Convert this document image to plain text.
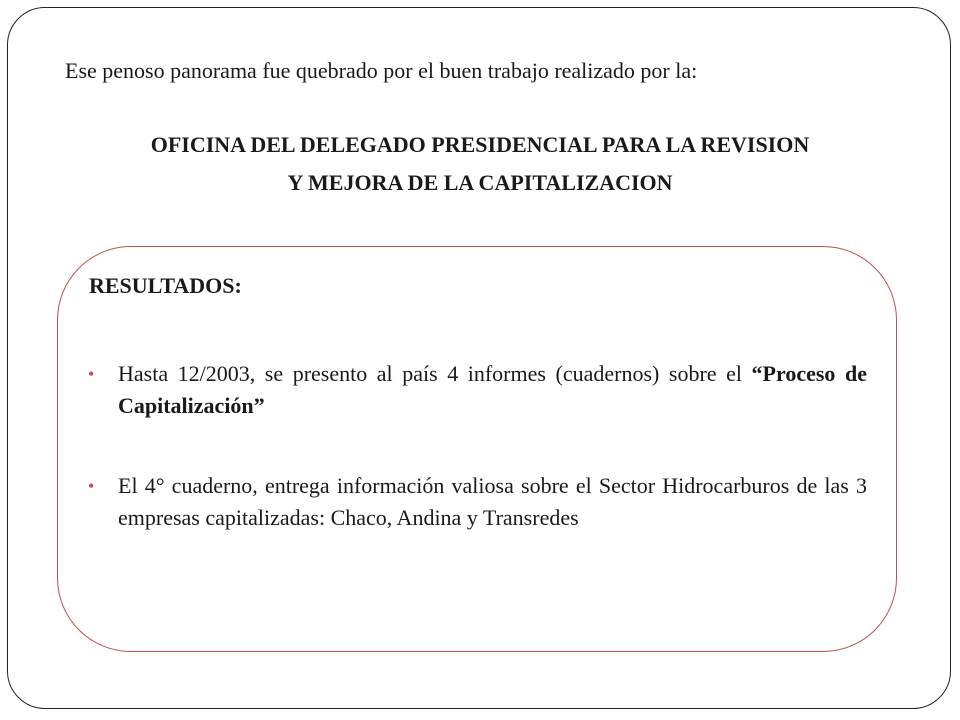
Ese penoso panorama fue quebrado por el buen trabajo realizado por la:
OFICINA DEL DELEGADO PRESIDENCIAL PARA LA REVISION
Y MEJORA DE LA CAPITALIZACION
RESULTADOS:
• Hasta 12/2003, se presento al país 4 informes (cuadernos) sobre el “Proceso de Capitalización”
• El 4° cuaderno, entrega información valiosa sobre el Sector Hidrocarburos de las 3 empresas capitalizadas: Chaco, Andina y Transredes
